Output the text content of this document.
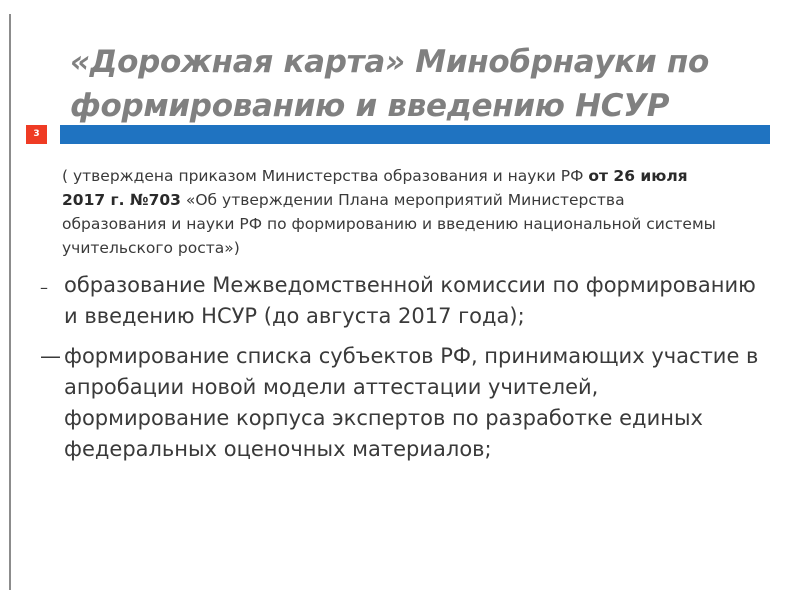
«Дорожная карта» Минобрнауки по формированию и введению НСУР
3

( утверждена приказом Министерства образования и науки РФ от 26 июля 2017 г. №703 «Об утверждении Плана мероприятий Министерства образования и науки РФ по формированию и введению национальной системы учительского роста»)

– образование Межведомственной комиссии по формированию и введению НСУР (до августа 2017 года);
— формирование списка субъектов РФ, принимающих участие в апробации новой модели аттестации учителей, формирование корпуса экспертов по разработке единых федеральных оценочных материалов;
